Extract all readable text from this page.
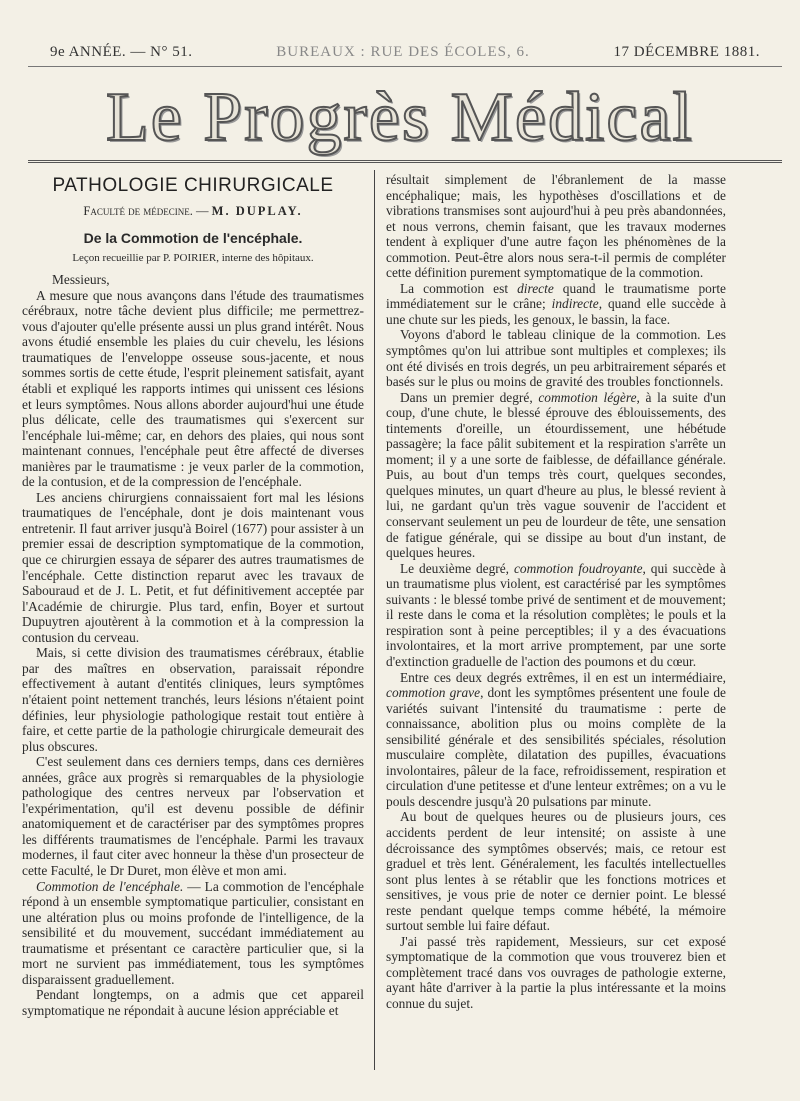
9e ANNÉE. — N° 51.	BUREAUX : RUE DES ÉCOLES, 6.	17 DÉCEMBRE 1881.
Le Progrès Médical
PATHOLOGIE CHIRURGICALE
Faculté de médecine. — M. DUPLAY.
De la Commotion de l'encéphale.
Leçon recueillie par P. POIRIER, interne des hôpitaux.
Messieurs,

A mesure que nous avançons dans l'étude des traumatismes cérébraux, notre tâche devient plus difficile; me permettrez-vous d'ajouter qu'elle présente aussi un plus grand intérêt. Nous avons étudié ensemble les plaies du cuir chevelu, les lésions traumatiques de l'enveloppe osseuse sous-jacente, et nous sommes sortis de cette étude, l'esprit pleinement satisfait, ayant établi et expliqué les rapports intimes qui unissent ces lésions et leurs symptômes. Nous allons aborder aujourd'hui une étude plus délicate, celle des traumatismes qui s'exercent sur l'encéphale lui-même; car, en dehors des plaies, qui nous sont maintenant connues, l'encéphale peut être affecté de diverses manières par le traumatisme : je veux parler de la commotion, de la contusion, et de la compression de l'encéphale.

Les anciens chirurgiens connaissaient fort mal les lésions traumatiques de l'encéphale, dont je dois maintenant vous entretenir. Il faut arriver jusqu'à Boirel (1677) pour assister à un premier essai de description symptomatique de la commotion, que ce chirurgien essaya de séparer des autres traumatismes de l'encéphale. Cette distinction reparut avec les travaux de Sabouraud et de J. L. Petit, et fut définitivement acceptée par l'Académie de chirurgie. Plus tard, enfin, Boyer et surtout Dupuytren ajoutèrent à la commotion et à la compression la contusion du cerveau.

Mais, si cette division des traumatismes cérébraux, établie par des maîtres en observation, paraissait répondre effectivement à autant d'entités cliniques, leurs symptômes n'étaient point nettement tranchés, leurs lésions n'étaient point définies, leur physiologie pathologique restait tout entière à faire, et cette partie de la pathologie chirurgicale demeurait des plus obscures.

C'est seulement dans ces derniers temps, dans ces dernières années, grâce aux progrès si remarquables de la physiologie pathologique des centres nerveux par l'observation et l'expérimentation, qu'il est devenu possible de définir anatomiquement et de caractériser par des symptômes propres les différents traumatismes de l'encéphale. Parmi les travaux modernes, il faut citer avec honneur la thèse d'un prosecteur de cette Faculté, le Dr Duret, mon élève et mon ami.

Commotion de l'encéphale. — La commotion de l'encéphale répond à un ensemble symptomatique particulier, consistant en une altération plus ou moins profonde de l'intelligence, de la sensibilité et du mouvement, succédant immédiatement au traumatisme et présentant ce caractère particulier que, si la mort ne survient pas immédiatement, tous les symptômes disparaissent graduellement.

Pendant longtemps, on a admis que cet appareil symptomatique ne répondait à aucune lésion appréciable et

résultait simplement de l'ébranlement de la masse encéphalique; mais, les hypothèses d'oscillations et de vibrations transmises sont aujourd'hui à peu près abandonnées, et nous verrons, chemin faisant, que les travaux modernes tendent à expliquer d'une autre façon les phénomènes de la commotion. Peut-être alors nous sera-t-il permis de compléter cette définition purement symptomatique de la commotion.

La commotion est directe quand le traumatisme porte immédiatement sur le crâne; indirecte, quand elle succède à une chute sur les pieds, les genoux, le bassin, la face.

Voyons d'abord le tableau clinique de la commotion. Les symptômes qu'on lui attribue sont multiples et complexes; ils ont été divisés en trois degrés, un peu arbitrairement séparés et basés sur le plus ou moins de gravité des troubles fonctionnels.

Dans un premier degré, commotion légère, à la suite d'un coup, d'une chute, le blessé éprouve des éblouissements, des tintements d'oreille, un étourdissement, une hébétude passagère; la face pâlit subitement et la respiration s'arrête un moment; il y a une sorte de faiblesse, de défaillance générale. Puis, au bout d'un temps très court, quelques secondes, quelques minutes, un quart d'heure au plus, le blessé revient à lui, ne gardant qu'un très vague souvenir de l'accident et conservant seulement un peu de lourdeur de tête, une sensation de fatigue générale, qui se dissipe au bout d'un instant, de quelques heures.

Le deuxième degré, commotion foudroyante, qui succède à un traumatisme plus violent, est caractérisé par les symptômes suivants : le blessé tombe privé de sentiment et de mouvement; il reste dans le coma et la résolution complètes; le pouls et la respiration sont à peine perceptibles; il y a des évacuations involontaires, et la mort arrive promptement, par une sorte d'extinction graduelle de l'action des poumons et du cœur.

Entre ces deux degrés extrêmes, il en est un intermédiaire, commotion grave, dont les symptômes présentent une foule de variétés suivant l'intensité du traumatisme : perte de connaissance, abolition plus ou moins complète de la sensibilité générale et des sensibilités spéciales, résolution musculaire complète, dilatation des pupilles, évacuations involontaires, pâleur de la face, refroidissement, respiration et circulation d'une petitesse et d'une lenteur extrêmes; on a vu le pouls descendre jusqu'à 20 pulsations par minute.

Au bout de quelques heures ou de plusieurs jours, ces accidents perdent de leur intensité; on assiste à une décroissance des symptômes observés; mais, ce retour est graduel et très lent. Généralement, les facultés intellectuelles sont plus lentes à se rétablir que les fonctions motrices et sensitives, je vous prie de noter ce dernier point. Le blessé reste pendant quelque temps comme hébété, la mémoire surtout semble lui faire défaut.

J'ai passé très rapidement, Messieurs, sur cet exposé symptomatique de la commotion que vous trouverez bien et complètement tracé dans vos ouvrages de pathologie externe, ayant hâte d'arriver à la partie la plus intéressante et la moins connue du sujet.
